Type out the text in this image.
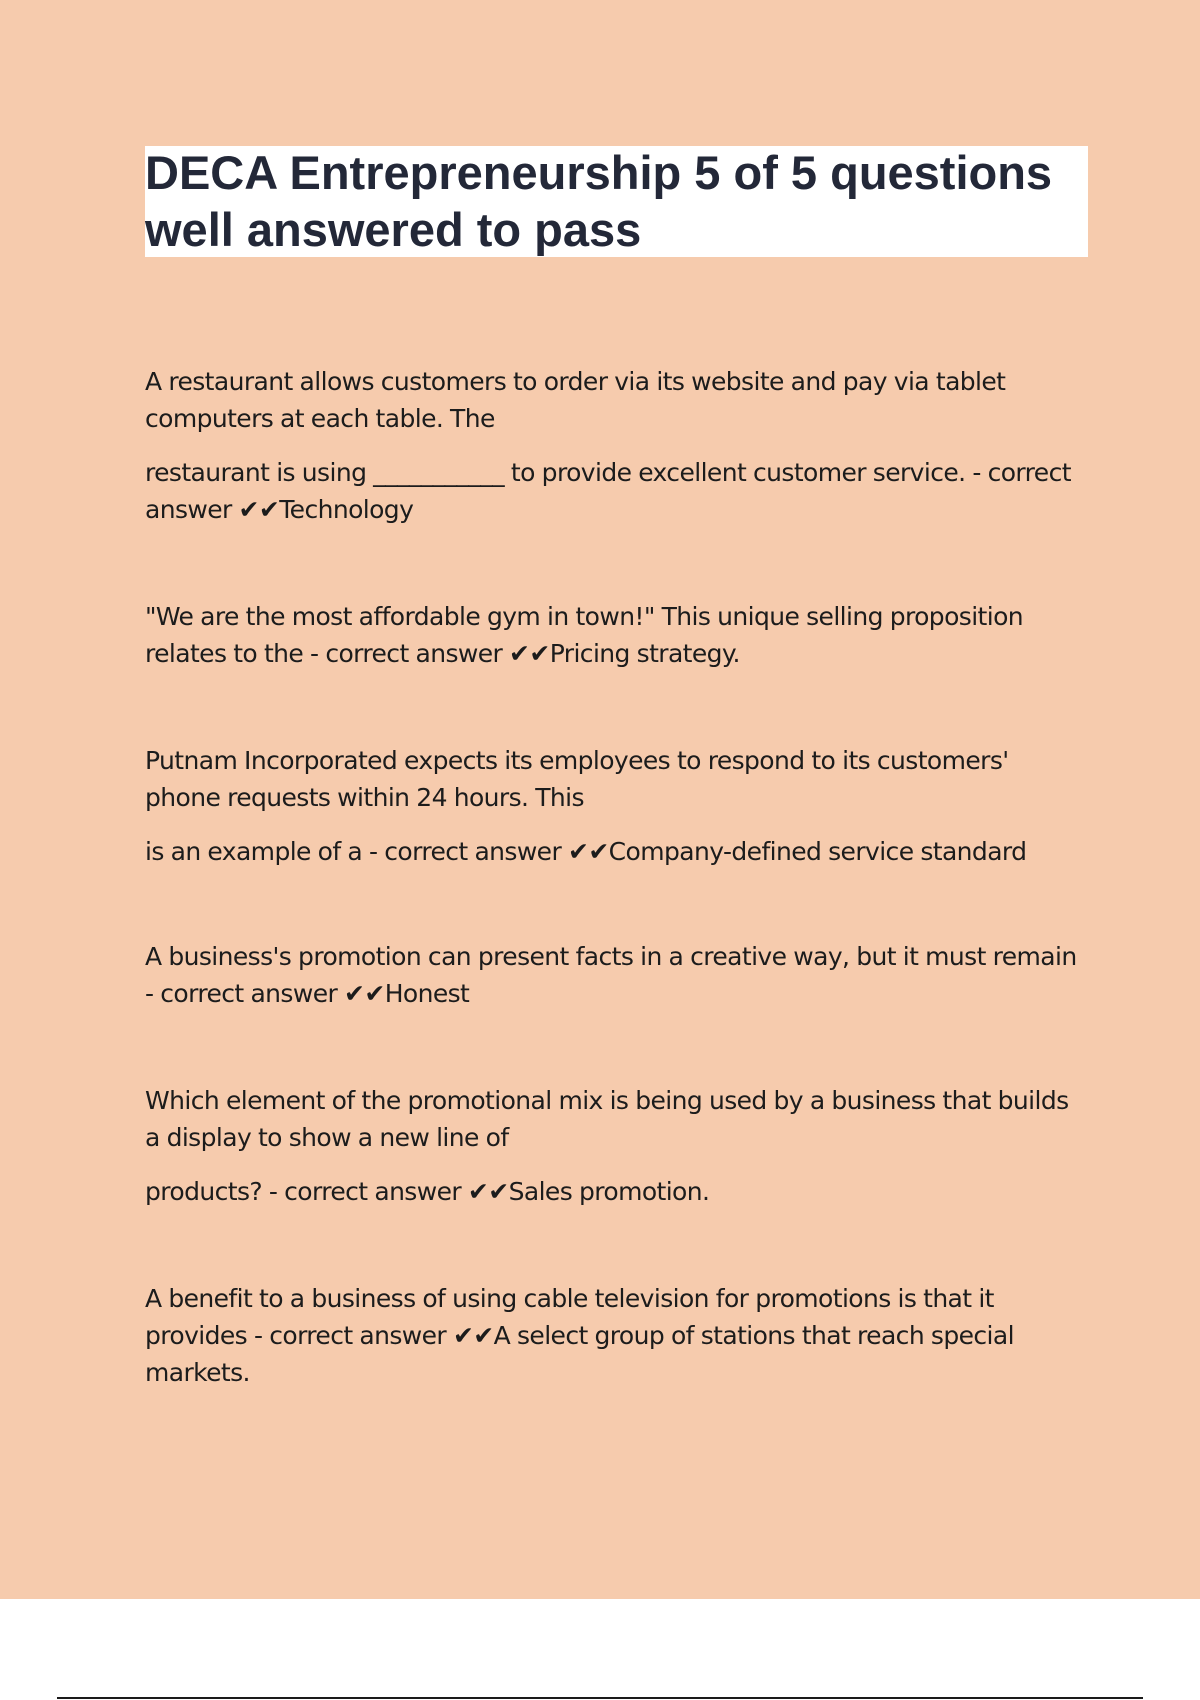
DECA Entrepreneurship 5 of 5 questions
well answered to pass

A restaurant allows customers to order via its website and pay via tablet computers at each table. The

restaurant is using ___________ to provide excellent customer service. - correct answer ✔✔Technology

"We are the most affordable gym in town!" This unique selling proposition relates to the - correct answer ✔✔Pricing strategy.

Putnam Incorporated expects its employees to respond to its customers' phone requests within 24 hours. This

is an example of a - correct answer ✔✔Company-defined service standard

A business's promotion can present facts in a creative way, but it must remain - correct answer ✔✔Honest

Which element of the promotional mix is being used by a business that builds a display to show a new line of

products? - correct answer ✔✔Sales promotion.

A benefit to a business of using cable television for promotions is that it provides - correct answer ✔✔A select group of stations that reach special markets.
